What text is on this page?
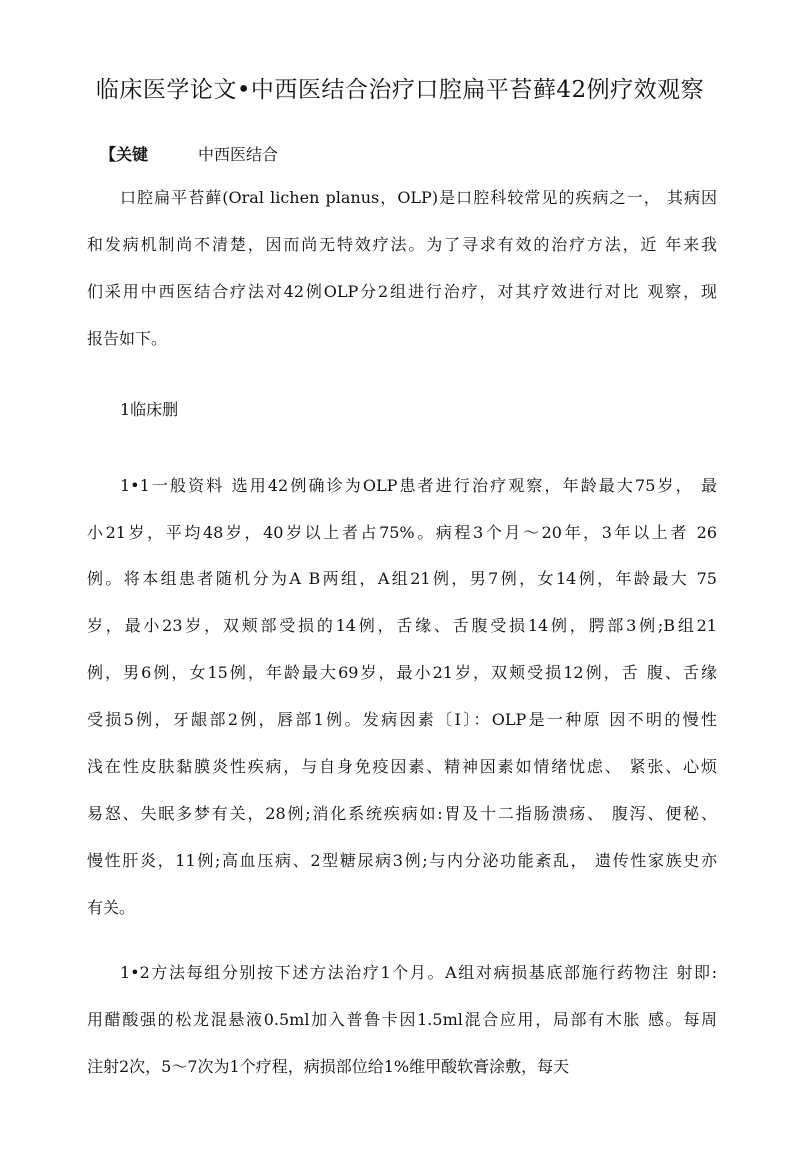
临床医学论文•中西医结合治疗口腔扁平苔藓42例疗效观察
【关键	中西医结合
口腔扁平苔藓(Oral lichen planus，OLP)是口腔科较常见的疾病之一， 其病因
和发病机制尚不清楚，因而尚无特效疗法。为了寻求有效的治疗方法，近 年来我
们采用中西医结合疗法对42例OLP分2组进行治疗，对其疗效进行对比 观察，现
报告如下。
1临床删
1•1一般资料 选用42例确诊为OLP患者进行治疗观察，年龄最大75岁， 最
小21岁，平均48岁，40岁以上者占75%。病程3个月〜20年，3年以上者 26
例。将本组患者随机分为A B两组，A组21例，男7例，女14例，年龄最大 75
岁，最小23岁，双颊部受损的14例，舌缘、舌腹受损14例，腭部3例;B组21
例，男6例，女15例，年龄最大69岁，最小21岁，双颊受损12例，舌 腹、舌缘
受损5例，牙龈部2例，唇部1例。发病因素〔I〕：OLP是一种原 因不明的慢性
浅在性皮肤黏膜炎性疾病，与自身免疫因素、精神因素如情绪忧虑、 紧张、心烦
易怒、失眠多梦有关，28例;消化系统疾病如:胃及十二指肠溃疡、 腹泻、便秘、
慢性肝炎，11例;高血压病、2型糖尿病3例;与内分泌功能紊乱， 遗传性家族史亦
有关。
1•2方法每组分别按下述方法治疗1个月。A组对病损基底部施行药物注 射即:
用醋酸强的松龙混悬液0.5ml加入普鲁卡因1.5ml混合应用，局部有木胀 感。每周
注射2次，5〜7次为1个疗程，病损部位给1%维甲酸软膏涂敷，每天
